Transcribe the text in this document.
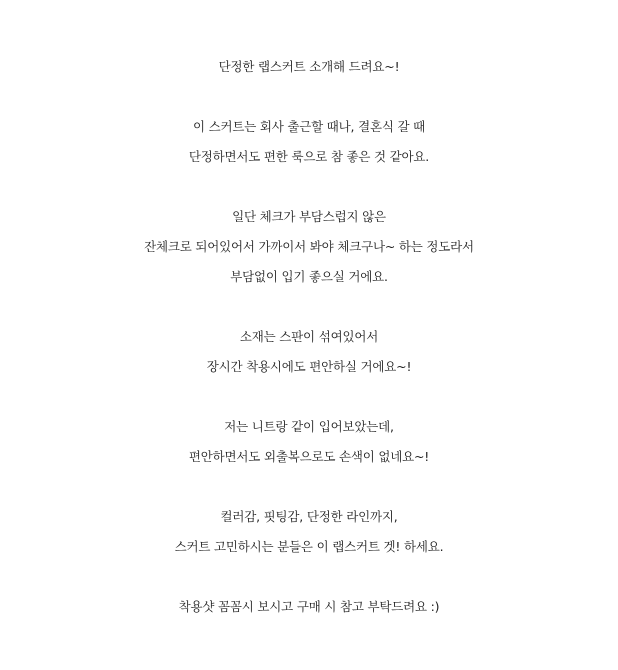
단정한 랩스커트 소개해 드려요~!
이 스커트는 회사 출근할 때나, 결혼식 갈 때
단정하면서도 편한 룩으로 참 좋은 것 같아요.
일단 체크가 부담스럽지 않은
잔체크로 되어있어서 가까이서 봐야 체크구나~ 하는 정도라서
부담없이 입기 좋으실 거에요.
소재는 스판이 섞여있어서
장시간 착용시에도 편안하실 거에요~!
저는 니트랑 같이 입어보았는데,
편안하면서도 외출복으로도 손색이 없네요~!
컬러감, 핏팅감, 단정한 라인까지,
스커트 고민하시는 분들은 이 랩스커트 겟! 하세요.
착용샷 꼼꼼시 보시고 구매 시 참고 부탁드려요 :)
